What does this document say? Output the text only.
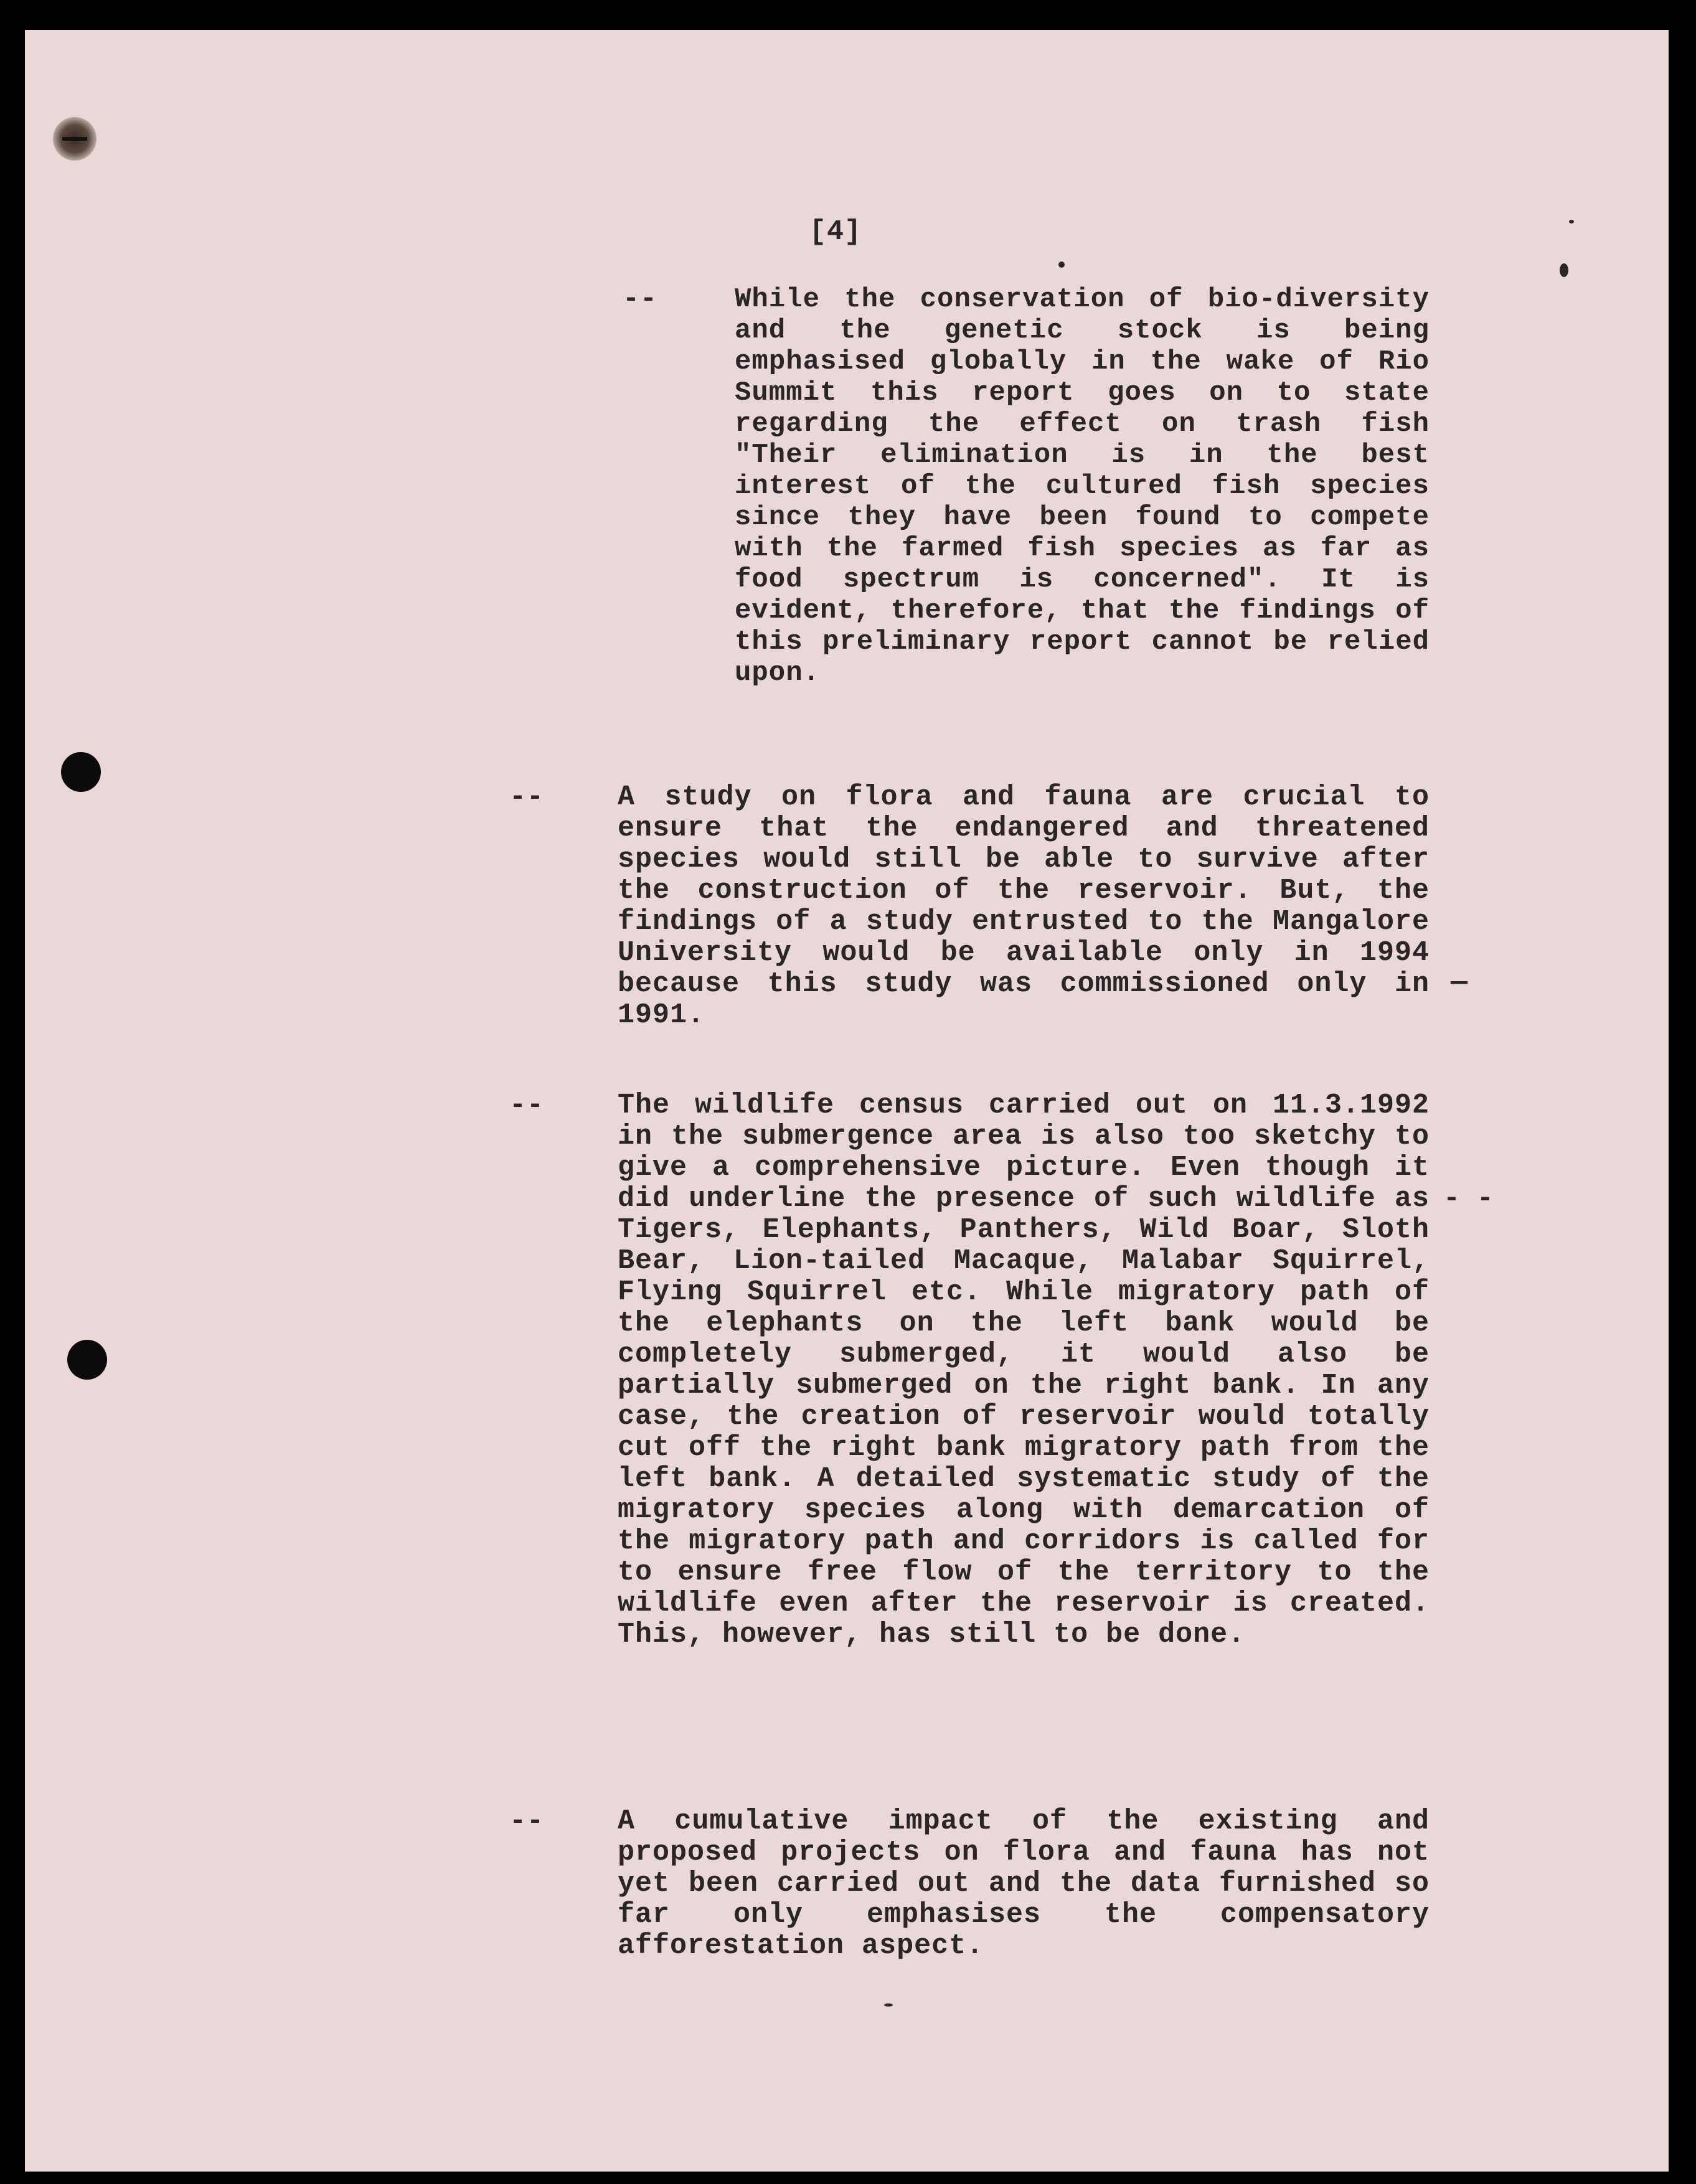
[4]

--	While the conservation of bio-diversity and the genetic stock is being emphasised globally in the wake of Rio Summit this report goes on to state regarding the effect on trash fish "Their elimination is in the best interest of the cultured fish species since they have been found to compete with the farmed fish species as far as food spectrum is concerned". It is evident, therefore, that the findings of this preliminary report cannot be relied upon.

--	A study on flora and fauna are crucial to ensure that the endangered and threatened species would still be able to survive after the construction of the reservoir. But, the findings of a study entrusted to the Mangalore University would be available only in 1994 because this study was commissioned only in 1991.

--	The wildlife census carried out on 11.3.1992 in the submergence area is also too sketchy to give a comprehensive picture. Even though it did underline the presence of such wildlife as Tigers, Elephants, Panthers, Wild Boar, Sloth Bear, Lion-tailed Macaque, Malabar Squirrel, Flying Squirrel etc. While migratory path of the elephants on the left bank would be completely submerged, it would also be partially submerged on the right bank. In any case, the creation of reservoir would totally cut off the right bank migratory path from the left bank. A detailed systematic study of the migratory species along with demarcation of the migratory path and corridors is called for to ensure free flow of the territory to the wildlife even after the reservoir is created. This, however, has still to be done.

--	A cumulative impact of the existing and proposed projects on flora and fauna has not yet been carried out and the data furnished so far only emphasises the compensatory afforestation aspect.

—
- -
